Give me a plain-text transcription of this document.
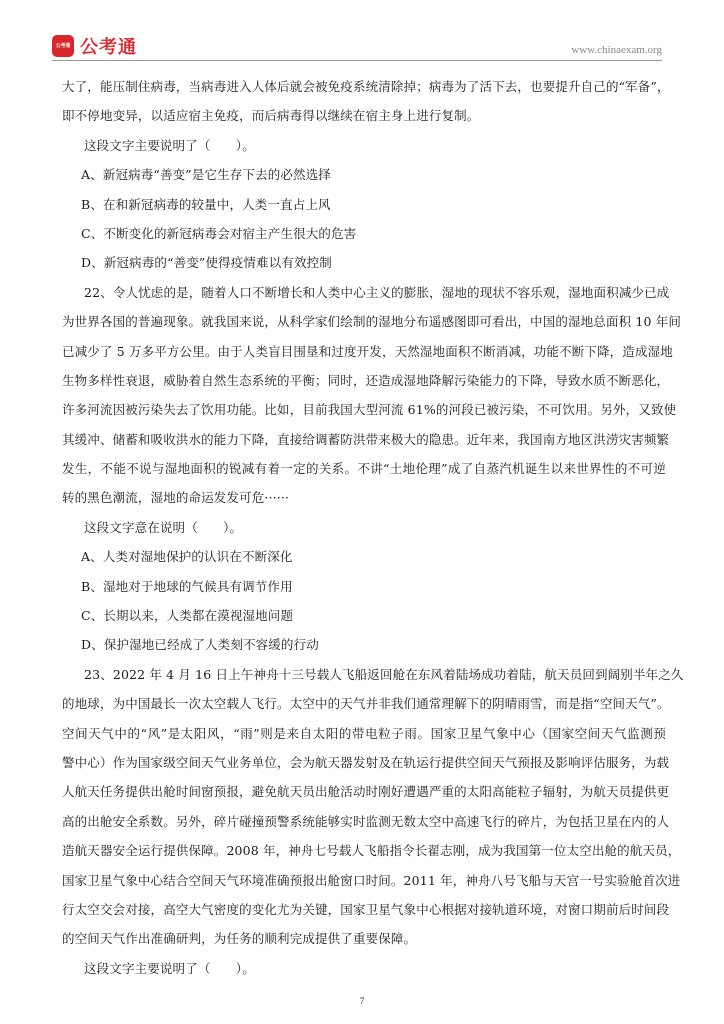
公考通 公考通	www.chinaexam.org
大了，能压制住病毒，当病毒进入人体后就会被免疫系统清除掉；病毒为了活下去，也要提升自己的“军备”，
即不停地变异，以适应宿主免疫，而后病毒得以继续在宿主身上进行复制。
这段文字主要说明了（　　）。
A、新冠病毒“善变”是它生存下去的必然选择
B、在和新冠病毒的较量中，人类一直占上风
C、不断变化的新冠病毒会对宿主产生很大的危害
D、新冠病毒的“善变”使得疫情难以有效控制
22、令人忧虑的是，随着人口不断增长和人类中心主义的膨胀，湿地的现状不容乐观，湿地面积减少已成
为世界各国的普遍现象。就我国来说，从科学家们绘制的湿地分布遥感图即可看出，中国的湿地总面积 10 年间
已减少了 5 万多平方公里。由于人类盲目围垦和过度开发，天然湿地面积不断消减，功能不断下降，造成湿地
生物多样性衰退，威胁着自然生态系统的平衡；同时，还造成湿地降解污染能力的下降，导致水质不断恶化，
许多河流因被污染失去了饮用功能。比如，目前我国大型河流 61%的河段已被污染，不可饮用。另外，又致使
其缓冲、储蓄和吸收洪水的能力下降，直接给调蓄防洪带来极大的隐患。近年来，我国南方地区洪涝灾害频繁
发生，不能不说与湿地面积的锐减有着一定的关系。不讲“土地伦理”成了自蒸汽机诞生以来世界性的不可逆
转的黑色潮流，湿地的命运发发可危······
这段文字意在说明（　　）。
A、人类对湿地保护的认识在不断深化
B、湿地对于地球的气候具有调节作用
C、长期以来，人类都在漠视湿地问题
D、保护湿地已经成了人类刻不容缓的行动
23、2022 年 4 月 16 日上午神舟十三号载人飞船返回舱在东风着陆场成功着陆，航天员回到阔别半年之久
的地球，为中国最长一次太空载人飞行。太空中的天气并非我们通常理解下的阴晴雨雪，而是指“空间天气”。
空间天气中的“风”是太阳风，“雨”则是来自太阳的带电粒子雨。国家卫星气象中心（国家空间天气监测预
警中心）作为国家级空间天气业务单位，会为航天器发射及在轨运行提供空间天气预报及影响评估服务，为载
人航天任务提供出舱时间窗预报，避免航天员出舱活动时刚好遭遇严重的太阳高能粒子辐射，为航天员提供更
高的出舱安全系数。另外，碎片碰撞预警系统能够实时监测无数太空中高速飞行的碎片，为包括卫星在内的人
造航天器安全运行提供保障。2008 年，神舟七号载人飞船指令长翟志刚，成为我国第一位太空出舱的航天员，
国家卫星气象中心结合空间天气环境准确预报出舱窗口时间。2011 年，神舟八号飞船与天宫一号实验舱首次进
行太空交会对接，高空大气密度的变化尤为关键，国家卫星气象中心根据对接轨道环境，对窗口期前后时间段
的空间天气作出准确研判，为任务的顺利完成提供了重要保障。
这段文字主要说明了（　　）。
7
